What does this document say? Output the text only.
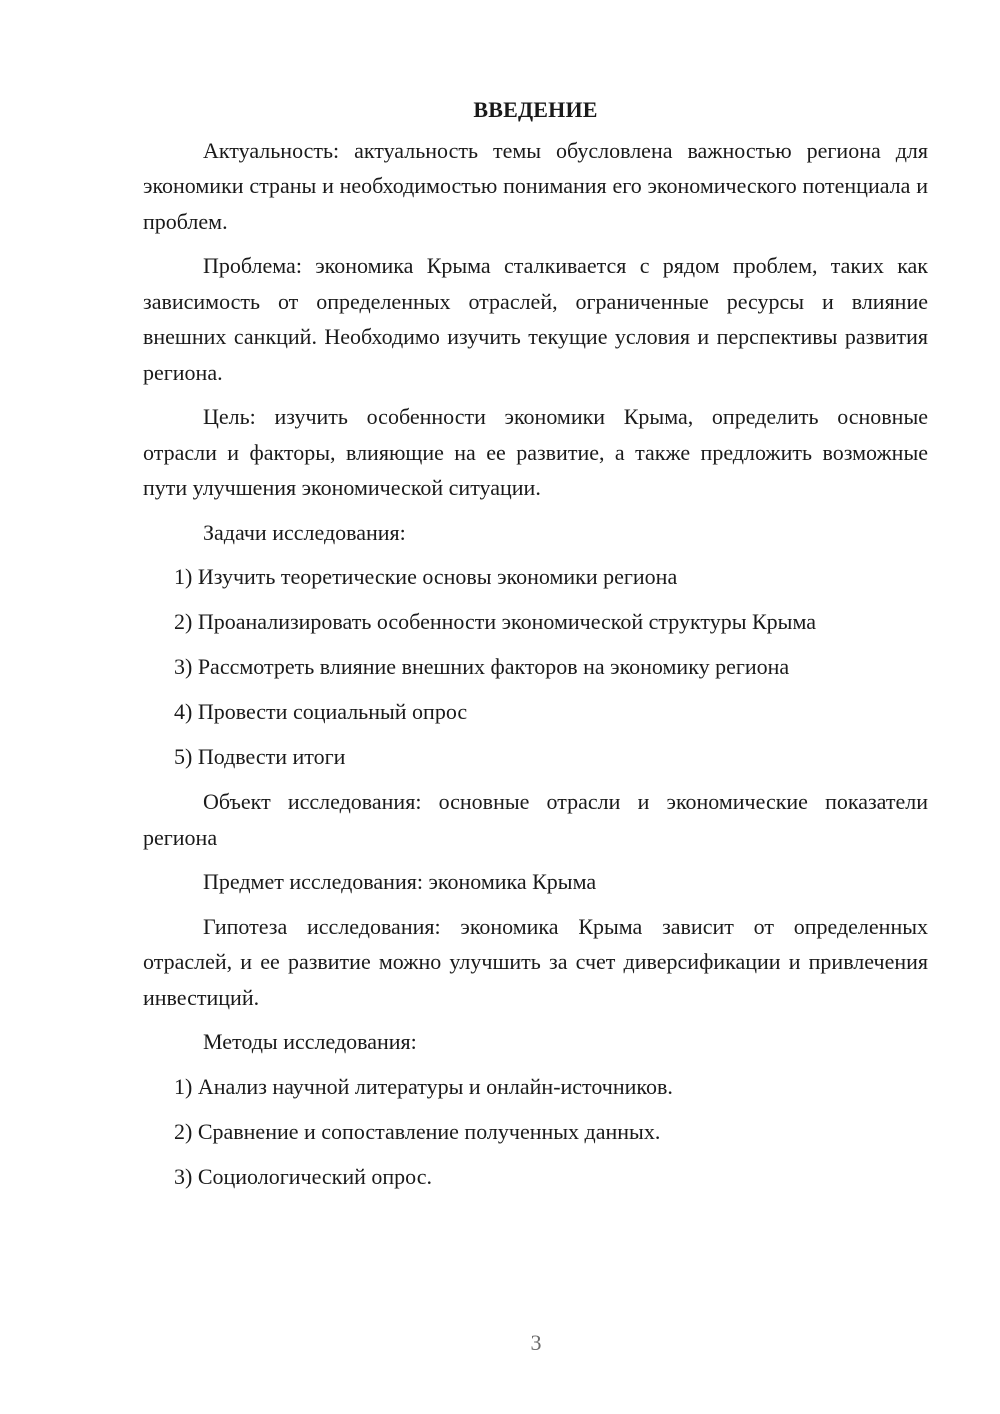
ВВЕДЕНИЕ

Актуальность: актуальность темы обусловлена важностью региона для экономики страны и необходимостью понимания его экономического потенциала и проблем.

Проблема: экономика Крыма сталкивается с рядом проблем, таких как зависимость от определенных отраслей, ограниченные ресурсы и влияние внешних санкций. Необходимо изучить текущие условия и перспективы развития региона.

Цель: изучить особенности экономики Крыма, определить основные отрасли и факторы, влияющие на ее развитие, а также предложить возможные пути улучшения экономической ситуации.

Задачи исследования:

1) Изучить теоретические основы экономики региона
2) Проанализировать особенности экономической структуры Крыма
3) Рассмотреть влияние внешних факторов на экономику региона
4) Провести социальный опрос
5) Подвести итоги

Объект исследования: основные отрасли и экономические показатели региона

Предмет исследования: экономика Крыма

Гипотеза исследования: экономика Крыма зависит от определенных отраслей, и ее развитие можно улучшить за счет диверсификации и привлечения инвестиций.

Методы исследования:

1) Анализ научной литературы и онлайн-источников.
2) Сравнение и сопоставление полученных данных.
3) Социологический опрос.
3
